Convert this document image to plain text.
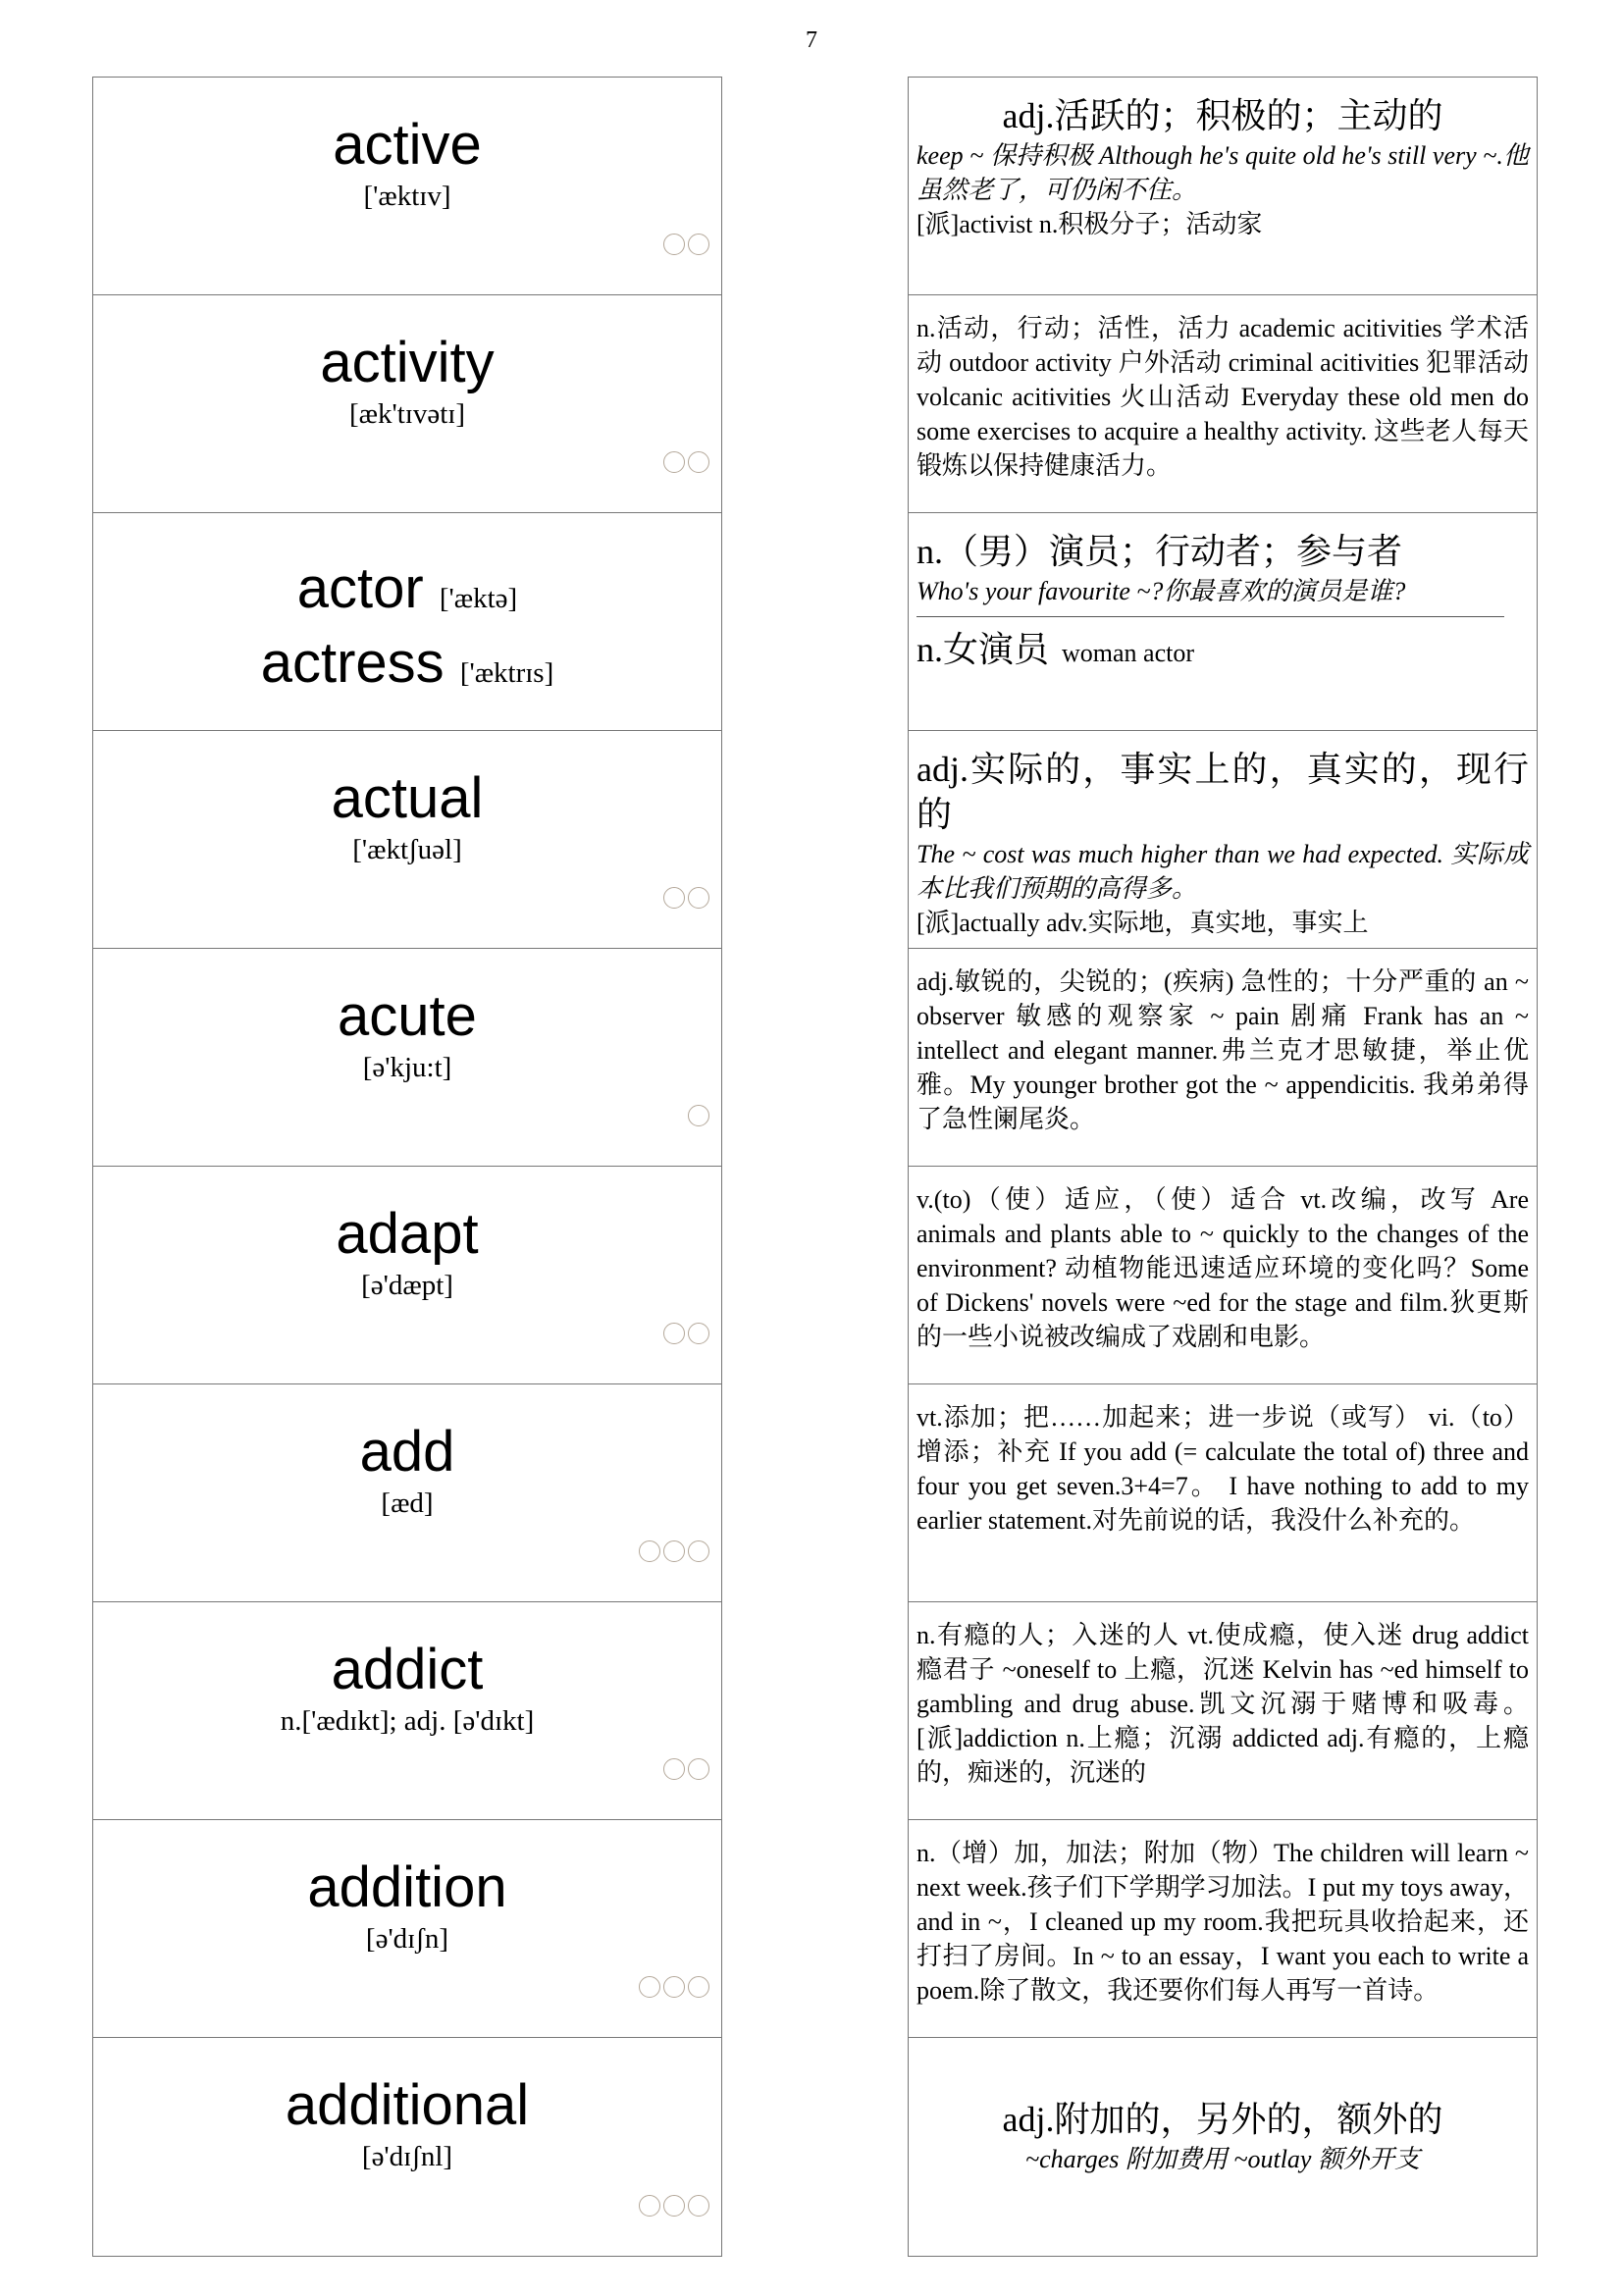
7
active
['æktɪv]
activity
[æk'tɪvətɪ]
actor ['æktə]
actress ['æktrɪs]
actual
['æktʃuəl]
acute
[ə'kju:t]
adapt
[ə'dæpt]
add
[æd]
addict
n.['ædɪkt]; adj. [ə'dɪkt]
addition
[ə'dɪʃn]
additional
[ə'dɪʃnl]
adj.活跃的；积极的；主动的
keep ~ 保持积极 Although he's quite old he's still very ~.他虽然老了，可仍闲不住。
[派]activist n.积极分子；活动家
n.活动，行动；活性，活力 academic acitivities 学术活动 outdoor activity 户外活动 criminal acitivities 犯罪活动 volcanic acitivities 火山活动 Everyday these old men do some exercises to acquire a healthy activity. 这些老人每天锻炼以保持健康活力。
n.（男）演员；行动者；参与者
Who's your favourite ~?你最喜欢的演员是谁?
n.女演员 woman actor
adj.实际的，事实上的，真实的，现行的
The ~ cost was much higher than we had expected. 实际成本比我们预期的高得多。
[派]actually adv.实际地，真实地，事实上
adj.敏锐的，尖锐的；(疾病) 急性的；十分严重的 an ~ observer 敏感的观察家 ~ pain 剧痛 Frank has an ~ intellect and elegant manner.弗兰克才思敏捷，举止优雅。My younger brother got the ~ appendicitis. 我弟弟得了急性阑尾炎。
v.(to)（使）适应，（使）适合 vt.改编，改写 Are animals and plants able to ~ quickly to the changes of the environment? 动植物能迅速适应环境的变化吗？Some of Dickens' novels were ~ed for the stage and film.狄更斯的一些小说被改编成了戏剧和电影。
vt.添加；把……加起来；进一步说（或写） vi.（to）增添；补充 If you add (= calculate the total of) three and four you get seven.3+4=7。 I have nothing to add to my earlier statement.对先前说的话，我没什么补充的。
n.有瘾的人；入迷的人 vt.使成瘾，使入迷 drug addict 瘾君子 ~oneself to 上瘾，沉迷 Kelvin has ~ed himself to gambling and drug abuse.凯文沉溺于赌博和吸毒。 [派]addiction n.上瘾；沉溺 addicted adj.有瘾的，上瘾的，痴迷的，沉迷的
n.（增）加，加法；附加（物）The children will learn ~ next week.孩子们下学期学习加法。I put my toys away，and in ~，I cleaned up my room.我把玩具收拾起来，还打扫了房间。In ~ to an essay，I want you each to write a poem.除了散文，我还要你们每人再写一首诗。
adj.附加的，另外的，额外的
~charges 附加费用 ~outlay 额外开支
